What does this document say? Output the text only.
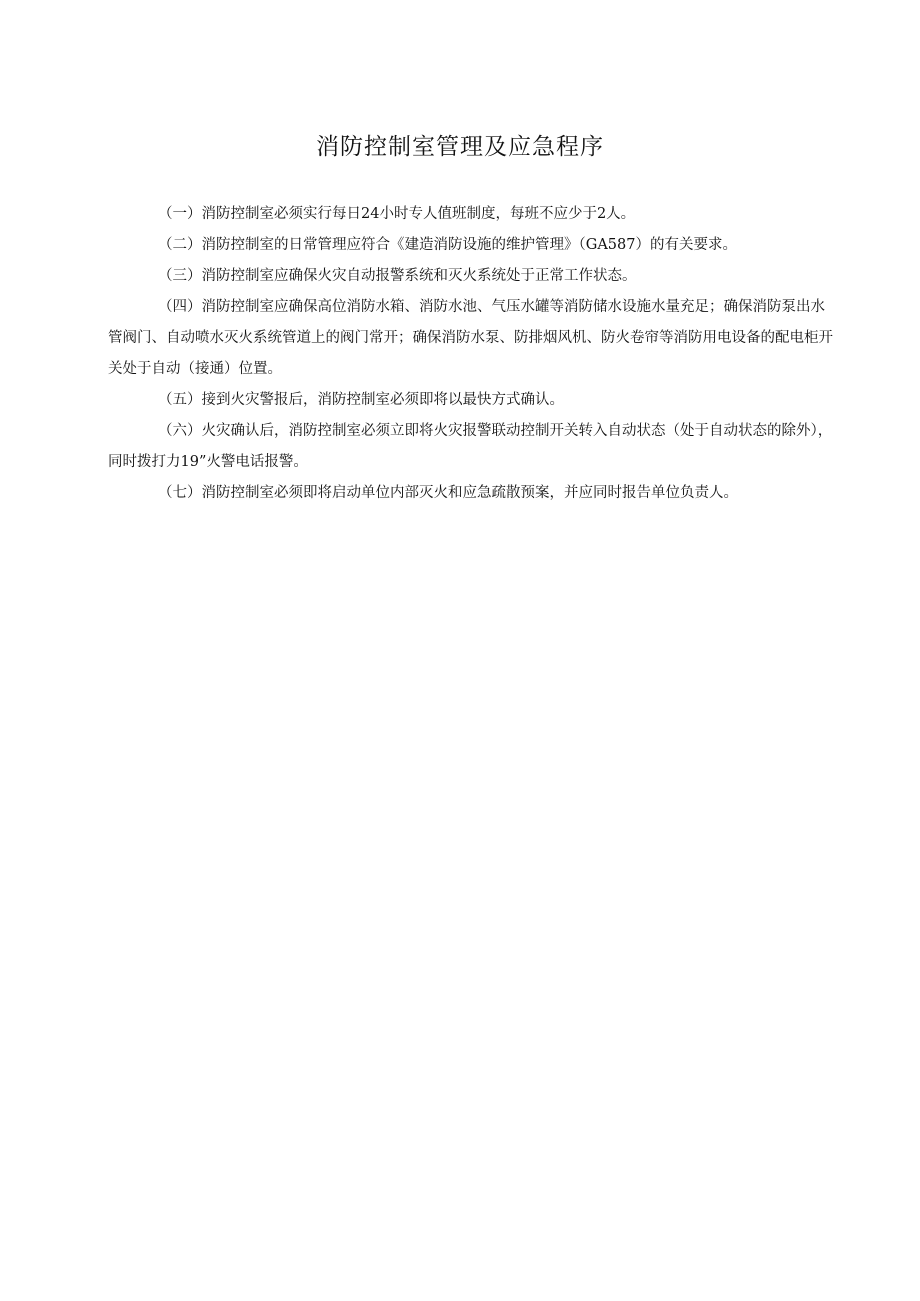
消防控制室管理及应急程序

（一）消防控制室必须实行每日24小时专人值班制度，每班不应少于2人。

（二）消防控制室的日常管理应符合《建造消防设施的维护管理》（GA587）的有关要求。

（三）消防控制室应确保火灾自动报警系统和灭火系统处于正常工作状态。

（四）消防控制室应确保高位消防水箱、消防水池、气压水罐等消防储水设施水量充足；确保消防泵出水管阀门、自动喷水灭火系统管道上的阀门常开；确保消防水泵、防排烟风机、防火卷帘等消防用电设备的配电柜开关处于自动（接通）位置。

（五）接到火灾警报后，消防控制室必须即将以最快方式确认。

（六）火灾确认后，消防控制室必须立即将火灾报警联动控制开关转入自动状态（处于自动状态的除外），同时拨打力19”火警电话报警。

（七）消防控制室必须即将启动单位内部灭火和应急疏散预案，并应同时报告单位负责人。
